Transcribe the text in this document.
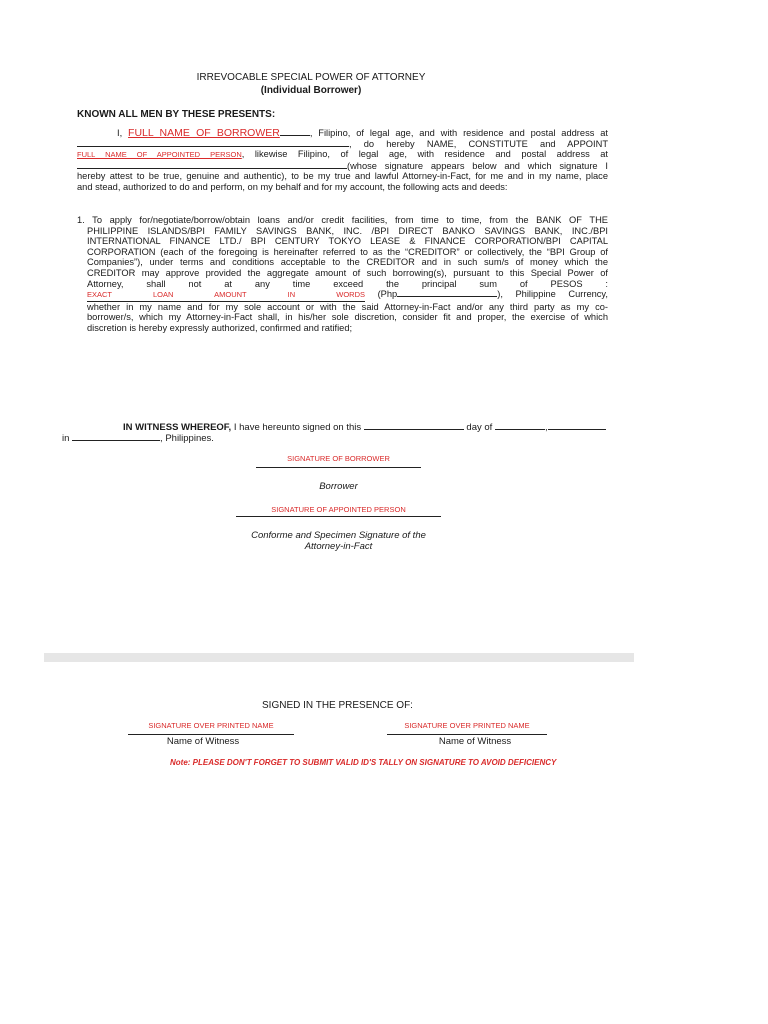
IRREVOCABLE SPECIAL POWER OF ATTORNEY
(Individual Borrower)
KNOWN ALL MEN BY THESE PRESENTS:
I, FULL NAME OF BORROWER	, Filipino, of legal age, and with residence and postal address at
, do hereby NAME, CONSTITUTE and APPOINT
FULL NAME OF APPOINTED PERSON, likewise Filipino, of legal age, with residence and postal address at
(whose signature appears below and which signature I
hereby attest to be true, genuine and authentic), to be my true and lawful Attorney-in-Fact, for me and in my name, place
and stead, authorized to do and perform, on my behalf and for my account, the following acts and deeds:
1. To apply for/negotiate/borrow/obtain loans and/or credit facilities, from time to time, from the BANK OF THE
PHILIPPINE ISLANDS/BPI FAMILY SAVINGS BANK, INC. /BPI DIRECT BANKO SAVINGS BANK, INC./BPI
INTERNATIONAL FINANCE LTD./ BPI CENTURY TOKYO LEASE & FINANCE CORPORATION/BPI CAPITAL
CORPORATION (each of the foregoing is hereinafter referred to as the “CREDITOR” or collectively, the “BPI Group of
Companies”), under terms and conditions acceptable to the CREDITOR and in such sum/s of money which the
CREDITOR may approve provided the aggregate amount of such borrowing(s), pursuant to this Special Power of
Attorney, shall not at any time exceed the principal sum of PESOS :
EXACT LOAN AMOUNT IN WORDS (Php	), Philippine Currency,
whether in my name and for my sole account or with the said Attorney-in-Fact and/or any third party as my co-
borrower/s, which my Attorney-in-Fact shall, in his/her sole discretion, consider fit and proper, the exercise of which
discretion is hereby expressly authorized, confirmed and ratified;
IN WITNESS WHEREOF, I have hereunto signed on this	day of	,
in	, Philippines.
SIGNATURE OF BORROWER
Borrower
SIGNATURE OF APPOINTED PERSON
Conforme and Specimen Signature of the
Attorney-in-Fact
SIGNED IN THE PRESENCE OF:
SIGNATURE OVER PRINTED NAME
Name of Witness
SIGNATURE OVER PRINTED NAME
Name of Witness
Note: PLEASE DON'T FORGET TO SUBMIT VALID ID'S TALLY ON SIGNATURE TO AVOID DEFICIENCY
